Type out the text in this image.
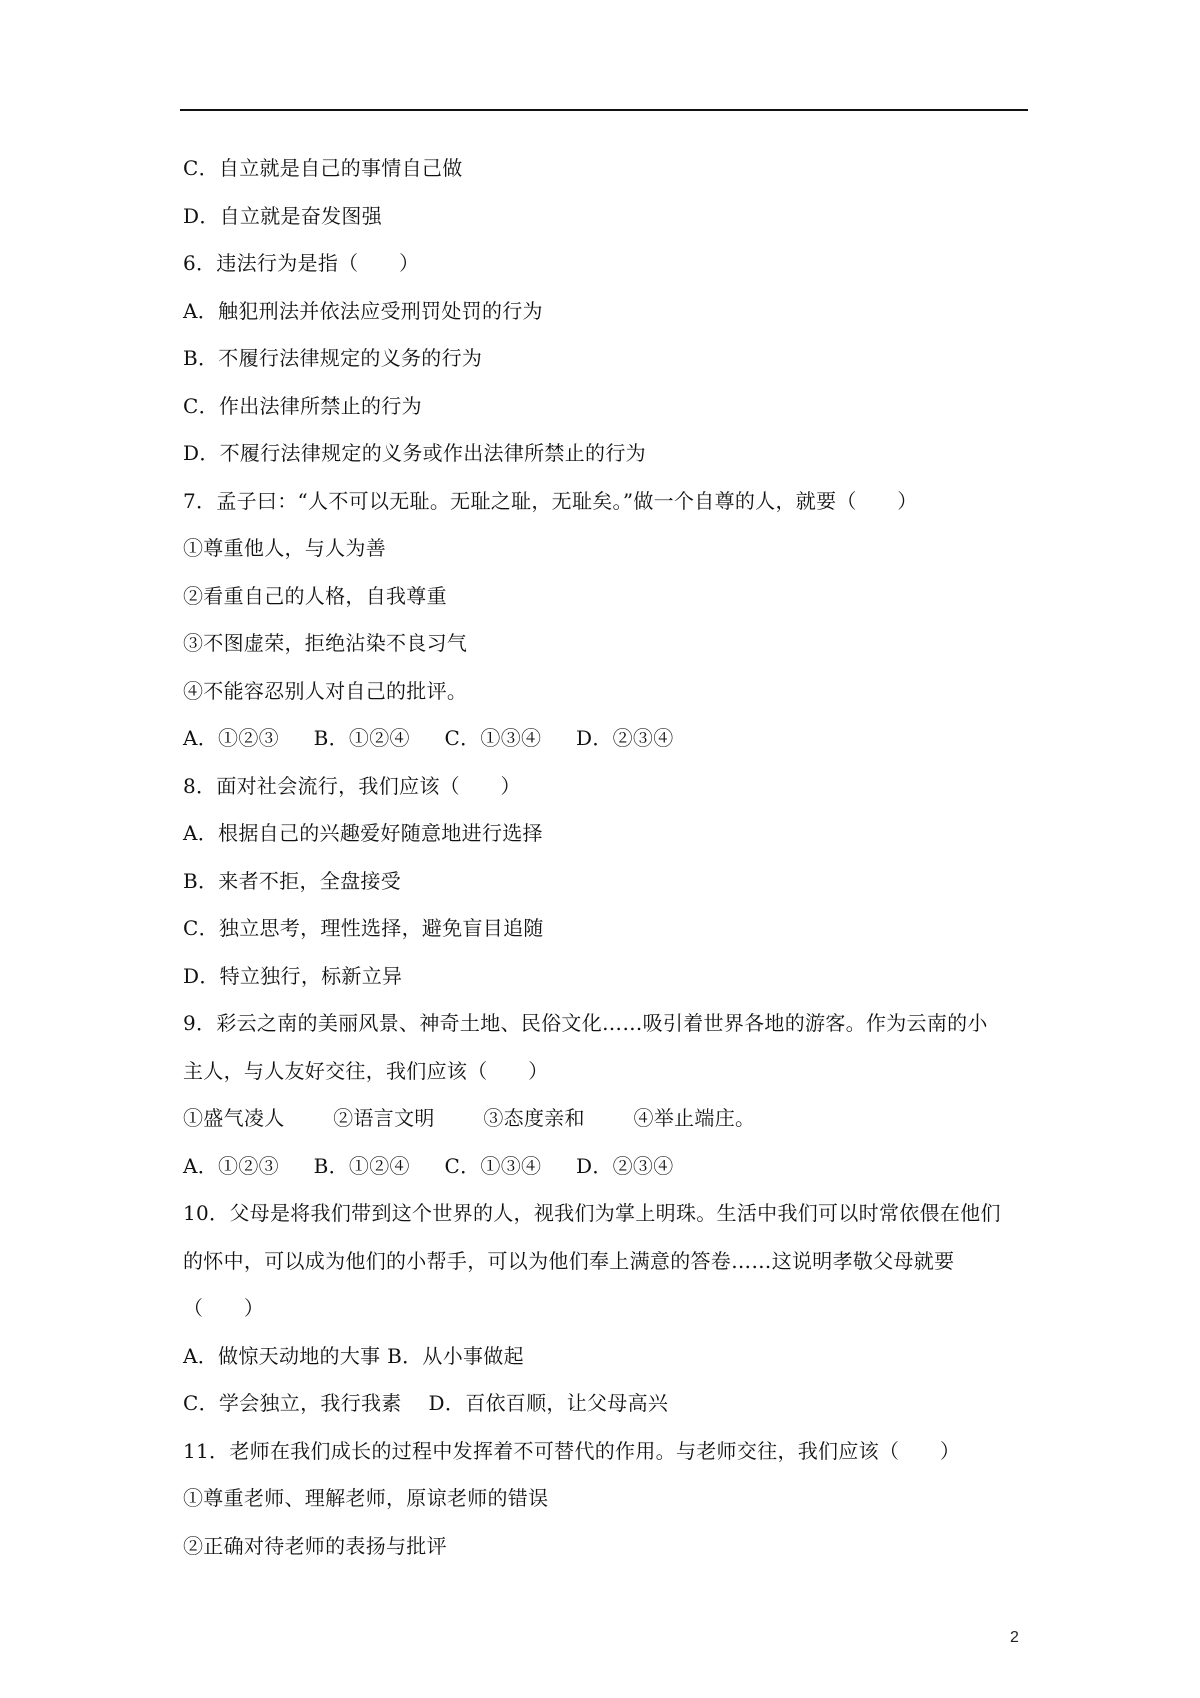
C．自立就是自己的事情自己做
D．自立就是奋发图强
6．违法行为是指（　　）
A．触犯刑法并依法应受刑罚处罚的行为
B．不履行法律规定的义务的行为
C．作出法律所禁止的行为
D．不履行法律规定的义务或作出法律所禁止的行为
7．孟子曰：“人不可以无耻。无耻之耻，无耻矣。”做一个自尊的人，就要（　　）
①尊重他人，与人为善
②看重自己的人格，自我尊重
③不图虚荣，拒绝沾染不良习气
④不能容忍别人对自己的批评。
A．①②③ B．①②④ C．①③④ D．②③④
8．面对社会流行，我们应该（　　）
A．根据自己的兴趣爱好随意地进行选择
B．来者不拒，全盘接受
C．独立思考，理性选择，避免盲目追随
D．特立独行，标新立异
9．彩云之南的美丽风景、神奇土地、民俗文化……吸引着世界各地的游客。作为云南的小
主人，与人友好交往，我们应该（　　）
①盛气凌人 ②语言文明 ③态度亲和 ④举止端庄。
A．①②③ B．①②④ C．①③④ D．②③④
10．父母是将我们带到这个世界的人，视我们为掌上明珠。生活中我们可以时常依偎在他们
的怀中，可以成为他们的小帮手，可以为他们奉上满意的答卷……这说明孝敬父母就要
（　　）
A．做惊天动地的大事 B．从小事做起
C．学会独立，我行我素　 D．百依百顺，让父母高兴
11．老师在我们成长的过程中发挥着不可替代的作用。与老师交往，我们应该（　　）
①尊重老师、理解老师，原谅老师的错误
②正确对待老师的表扬与批评
2
